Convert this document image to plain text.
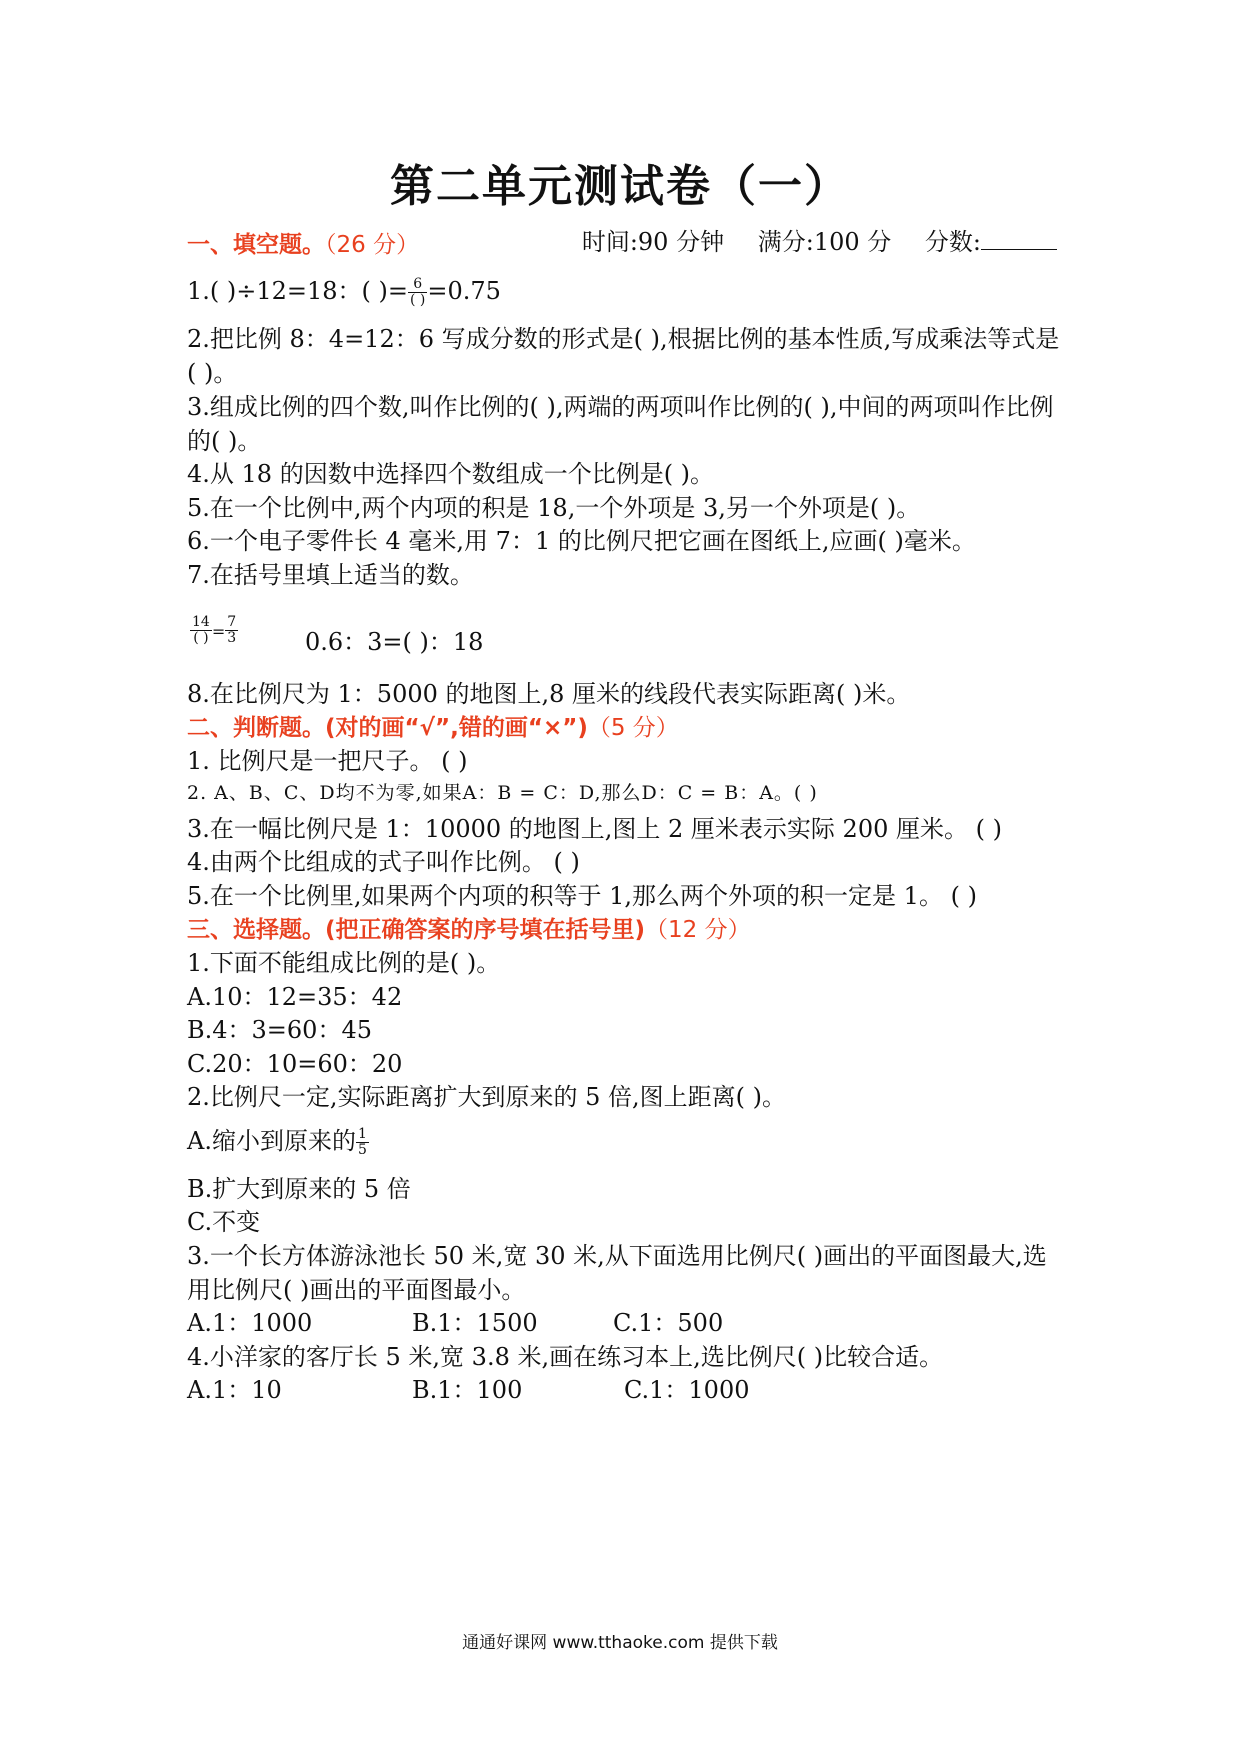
第二单元测试卷（一）
时间:90 分钟 满分:100 分 分数:
一、填空题。（26 分）
1.( )÷12=18：( )= $\frac{6}{( )} =0.75$
2.把比例 8：4=12：6 写成分数的形式是( ),根据比例的基本性质,写成乘法等式是( )。
3.组成比例的四个数,叫作比例的( ),两端的两项叫作比例的( ),中间的两项叫作比例的( )。
4.从 18 的因数中选择四个数组成一个比例是( )。
5.在一个比例中,两个内项的积是 18,一个外项是 3,另一个外项是( )。
6.一个电子零件长 4 毫米,用 7：1 的比例尺把它画在图纸上,应画( )毫米。
7.在括号里填上适当的数。
$\frac{14}{( )} = \frac{7}{3}$	0.6：3=( )：18
8.在比例尺为 1：5000 的地图上,8 厘米的线段代表实际距离( )米。
二、判断题。(对的画“√”,错的画“×”)（5 分）
1. 比例尺是一把尺子。 ( )
2. A、B、C、D均不为零,如果A：B = C：D,那么D：C = B：A。( )
3.在一幅比例尺是 1：10000 的地图上,图上 2 厘米表示实际 200 厘米。 ( )
4.由两个比组成的式子叫作比例。 ( )
5.在一个比例里,如果两个内项的积等于 1,那么两个外项的积一定是 1。 ( )
三、选择题。(把正确答案的序号填在括号里)（12 分）
1.下面不能组成比例的是( )。
A.10：12=35：42
B.4：3=60：45
C.20：10=60：20
2.比例尺一定,实际距离扩大到原来的 5 倍,图上距离( )。
A.缩小到原来的 $\frac{1}{5}$
B.扩大到原来的 5 倍
C.不变
3.一个长方体游泳池长 50 米,宽 30 米,从下面选用比例尺( )画出的平面图最大,选用比例尺( )画出的平面图最小。
A.1：1000	B.1：1500	C.1：500
4.小洋家的客厅长 5 米,宽 3.8 米,画在练习本上,选比例尺( )比较合适。
A.1：10	B.1：100	C.1：1000
通通好课网 www.tthaoke.com 提供下载
